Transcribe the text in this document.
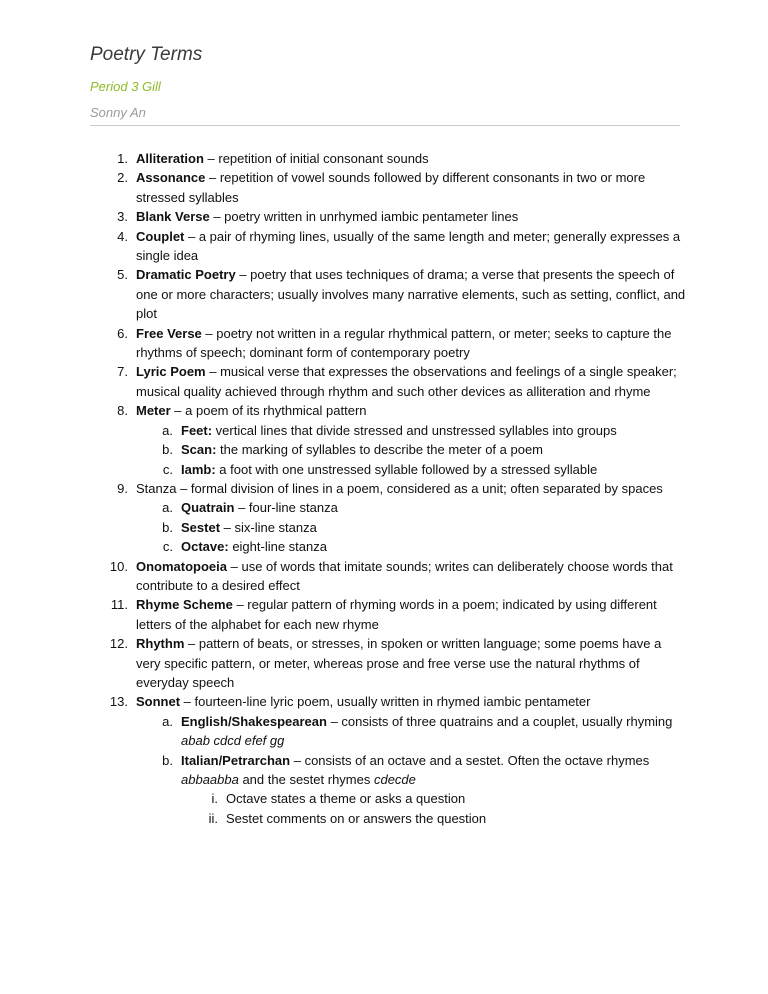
Poetry Terms
Period 3 Gill
Sonny An
1. Alliteration – repetition of initial consonant sounds
2. Assonance – repetition of vowel sounds followed by different consonants in two or more stressed syllables
3. Blank Verse – poetry written in unrhymed iambic pentameter lines
4. Couplet – a pair of rhyming lines, usually of the same length and meter; generally expresses a single idea
5. Dramatic Poetry – poetry that uses techniques of drama; a verse that presents the speech of one or more characters; usually involves many narrative elements, such as setting, conflict, and plot
6. Free Verse – poetry not written in a regular rhythmical pattern, or meter; seeks to capture the rhythms of speech; dominant form of contemporary poetry
7. Lyric Poem – musical verse that expresses the observations and feelings of a single speaker; musical quality achieved through rhythm and such other devices as alliteration and rhyme
8. Meter – a poem of its rhythmical pattern
a. Feet: vertical lines that divide stressed and unstressed syllables into groups
b. Scan: the marking of syllables to describe the meter of a poem
c. Iamb: a foot with one unstressed syllable followed by a stressed syllable
9. Stanza – formal division of lines in a poem, considered as a unit; often separated by spaces
a. Quatrain – four-line stanza
b. Sestet – six-line stanza
c. Octave: eight-line stanza
10. Onomatopoeia – use of words that imitate sounds; writes can deliberately choose words that contribute to a desired effect
11. Rhyme Scheme – regular pattern of rhyming words in a poem; indicated by using different letters of the alphabet for each new rhyme
12. Rhythm – pattern of beats, or stresses, in spoken or written language; some poems have a very specific pattern, or meter, whereas prose and free verse use the natural rhythms of everyday speech
13. Sonnet – fourteen-line lyric poem, usually written in rhymed iambic pentameter
a. English/Shakespearean – consists of three quatrains and a couplet, usually rhyming abab cdcd efef gg
b. Italian/Petrarchan – consists of an octave and a sestet. Often the octave rhymes abbaabba and the sestet rhymes cdecde
i. Octave states a theme or asks a question
ii. Sestet comments on or answers the question
